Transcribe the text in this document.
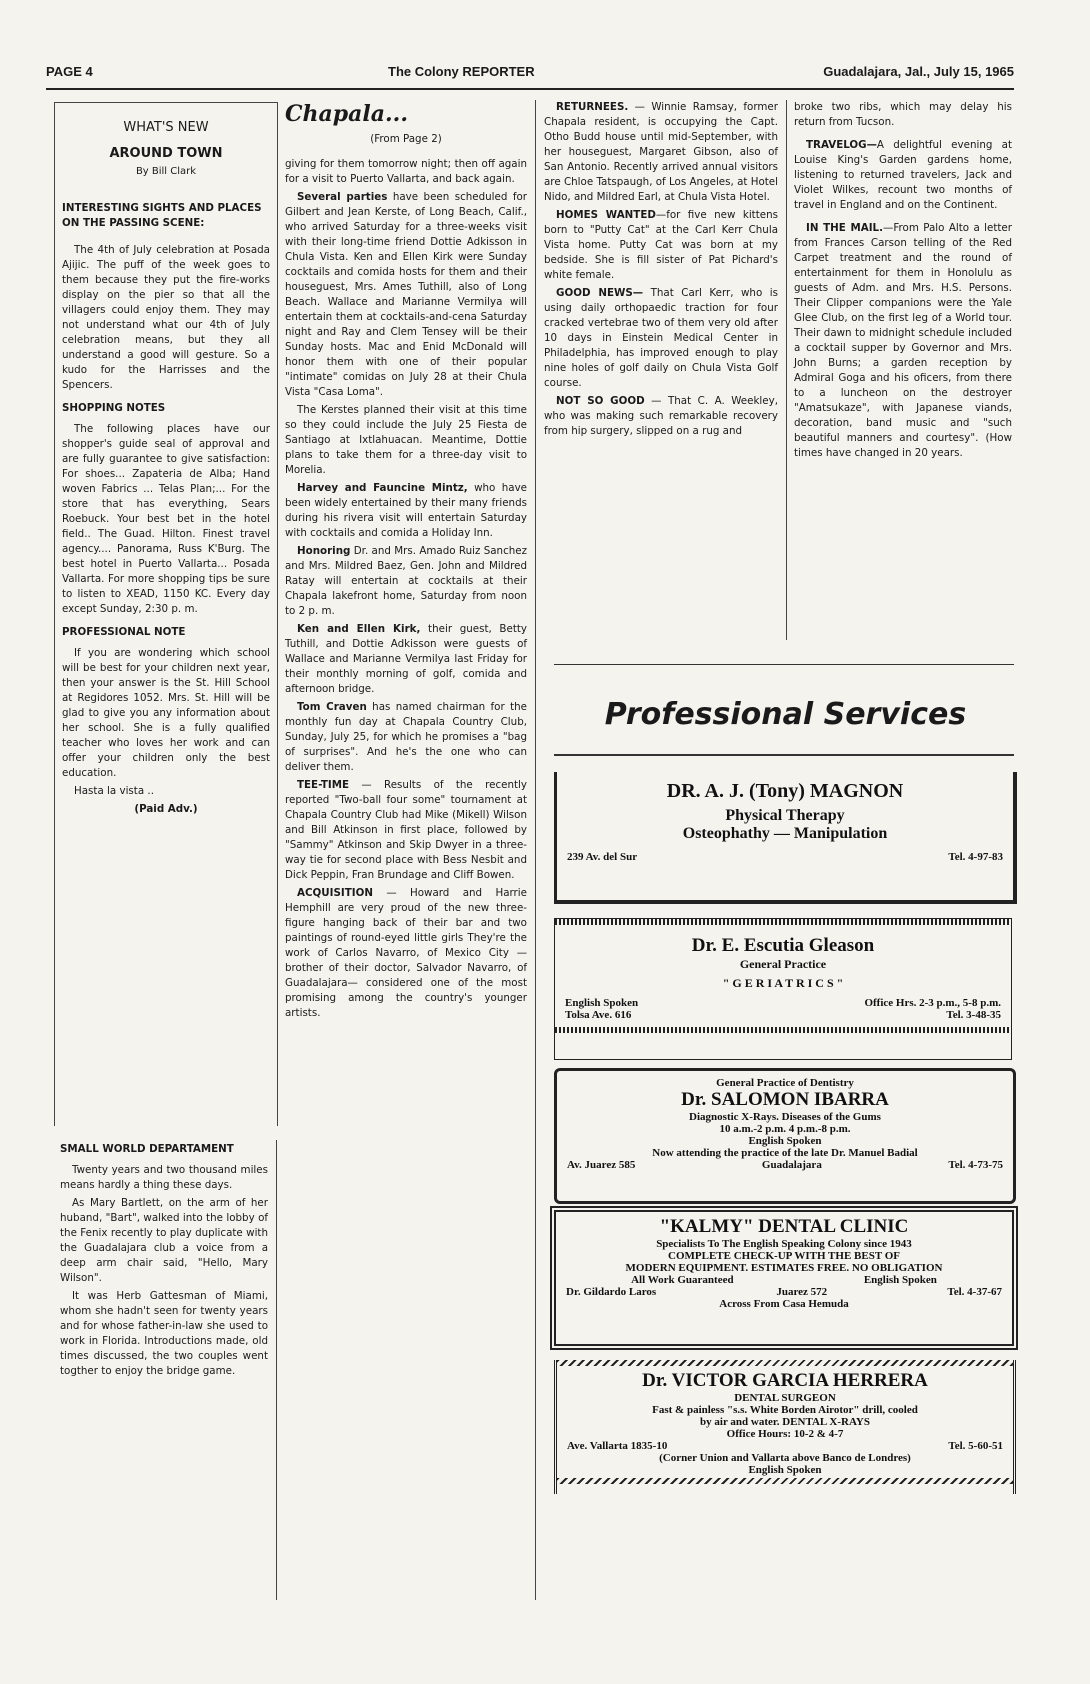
PAGE 4	The Colony REPORTER	Guadalajara, Jal., July 15, 1965
WHAT'S NEW
AROUND TOWN
By Bill Clark
INTERESTING SIGHTS AND PLACES ON THE PASSING SCENE:

The 4th of July celebration at Posada Ajijic. The puff of the week goes to them because they put the fire-works display on the pier so that all the villagers could enjoy them. They may not understand what our 4th of July celebration means, but they all understand a good will gesture. So a kudo for the Harrisses and the Spencers.

SHOPPING NOTES

The following places have our shopper's guide seal of approval and are fully guarantee to give satisfaction: For shoes... Zapateria de Alba; Hand woven Fabrics ... Telas Plan;... For the store that has everything, Sears Roebuck. Your best bet in the hotel field.. The Guad. Hilton. Finest travel agency.... Panorama, Russ K'Burg. The best hotel in Puerto Vallarta... Posada Vallarta. For more shopping tips be sure to listen to XEAD, 1150 KC. Every day except Sunday, 2:30 p. m.

PROFESSIONAL NOTE

If you are wondering which school will be best for your children next year, then your answer is the St. Hill School at Regidores 1052. Mrs. St. Hill will be glad to give you any information about her school. She is a fully qualified teacher who loves her work and can offer your children only the best education.

Hasta la vista ..

(Paid Adv.)
SMALL WORLD DEPARTAMENT

Twenty years and two thousand miles means hardly a thing these days.

As Mary Bartlett, on the arm of her huband, "Bart", walked into the lobby of the Fenix recently to play duplicate with the Guadalajara club a voice from a deep arm chair said, "Hello, Mary Wilson".

It was Herb Gattesman of Miami, whom she hadn't seen for twenty years and for whose father-in-law she used to work in Florida. Introductions made, old times discussed, the two couples went togther to enjoy the bridge game.

Chapala...
(From Page 2)

giving for them tomorrow night; then off again for a visit to Puerto Vallarta, and back again.

Several parties have been scheduled for Gilbert and Jean Kerste, of Long Beach, Calif., who arrived Saturday for a three-weeks visit with their long-time friend Dottie Adkisson in Chula Vista. Ken and Ellen Kirk were Sunday cocktails and comida hosts for them and their houseguest, Mrs. Ames Tuthill, also of Long Beach. Wallace and Marianne Vermilya will entertain them at cocktails-and-cena Saturday night and Ray and Clem Tensey will be their Sunday hosts. Mac and Enid McDonald will honor them with one of their popular "intimate" comidas on July 28 at their Chula Vista "Casa Loma".

The Kerstes planned their visit at this time so they could include the July 25 Fiesta de Santiago at Ixtlahuacan. Meantime, Dottie plans to take them for a three-day visit to Morelia.

Harvey and Fauncine Mintz, who have been widely entertained by their many friends during his rivera visit will entertain Saturday with cocktails and comida a Holiday Inn.

Honoring Dr. and Mrs. Amado Ruiz Sanchez and Mrs. Mildred Baez, Gen. John and Mildred Ratay will entertain at cocktails at their Chapala lakefront home, Saturday from noon to 2 p. m.

Ken and Ellen Kirk, their guest, Betty Tuthill, and Dottie Adkisson were guests of Wallace and Marianne Vermilya last Friday for their monthly morning of golf, comida and afternoon bridge.

Tom Craven has named chairman for the monthly fun day at Chapala Country Club, Sunday, July 25, for which he promises a "bag of surprises". And he's the one who can deliver them.

TEE-TIME — Results of the recently reported "Two-ball four some" tournament at Chapala Country Club had Mike (Mikell) Wilson and Bill Atkinson in first place, followed by "Sammy" Atkinson and Skip Dwyer in a three-way tie for second place with Bess Nesbit and Dick Peppin, Fran Brundage and Cliff Bowen.

ACQUISITION — Howard and Harrie Hemphill are very proud of the new three-figure hanging back of their bar and two paintings of round-eyed little girls They're the work of Carlos Navarro, of Mexico City —brother of their doctor, Salvador Navarro, of Guadalajara— considered one of the most promising among the country's younger artists.

RETURNEES. — Winnie Ramsay, former Chapala resident, is occupying the Capt. Otho Budd house until mid-September, with her houseguest, Margaret Gibson, also of San Antonio. Recently arrived annual visitors are Chloe Tatspaugh, of Los Angeles, at Hotel Nido, and Mildred Earl, at Chula Vista Hotel.

HOMES WANTED—for five new kittens born to "Putty Cat" at the Carl Kerr Chula Vista home. Putty Cat was born at my bedside. She is fill sister of Pat Pichard's white female.

GOOD NEWS— That Carl Kerr, who is using daily orthopaedic traction for four cracked vertebrae two of them very old after 10 days in Einstein Medical Center in Philadelphia, has improved enough to play nine holes of golf daily on Chula Vista Golf course.

NOT SO GOOD — That C. A. Weekley, who was making such remarkable recovery from hip surgery, slipped on a rug and

broke two ribs, which may delay his return from Tucson.

TRAVELOG—A delightful evening at Louise King's Garden gardens home, listening to returned travelers, Jack and Violet Wilkes, recount two months of travel in England and on the Continent.

IN THE MAIL.—From Palo Alto a letter from Frances Carson telling of the Red Carpet treatment and the round of entertainment for them in Honolulu as guests of Adm. and Mrs. H.S. Persons. Their Clipper companions were the Yale Glee Club, on the first leg of a World tour. Their dawn to midnight schedule included a cocktail supper by Governor and Mrs. John Burns; a garden reception by Admiral Goga and his oficers, from there to a luncheon on the destroyer "Amatsukaze", with Japanese viands, decoration, band music and "such beautiful manners and courtesy". (How times have changed in 20 years.

Professional Services
DR. A. J. (Tony) MAGNON
Physical Therapy
Osteophathy — Manipulation
239 Av. del Sur	Tel. 4-97-83
Dr. E. Escutia Gleason
General Practice
" G E R I A T R I C S "
English Spoken	Office Hrs. 2-3 p.m., 5-8 p.m.
Tolsa Ave. 616	Tel. 3-48-35
General Practice of Dentistry
Dr. SALOMON IBARRA
Diagnostic X-Rays. Diseases of the Gums
10 a.m.-2 p.m. 4 p.m.-8 p.m.
English Spoken
Now attending the practice of the late Dr. Manuel Badial
Av. Juarez 585	Guadalajara	Tel. 4-73-75
"KALMY" DENTAL CLINIC
Specialists To The English Speaking Colony since 1943
COMPLETE CHECK-UP WITH THE BEST OF
MODERN EQUIPMENT. ESTIMATES FREE. NO OBLIGATION
All Work Guaranteed	English Spoken
Dr. Gildardo Laros	Juarez 572	Tel. 4-37-67
Across From Casa Hemuda
Dr. VICTOR GARCIA HERRERA
DENTAL SURGEON
Fast & painless "s.s. White Borden Airotor" drill, cooled
by air and water. DENTAL X-RAYS
Office Hours: 10-2 & 4-7
Ave. Vallarta 1835-10	Tel. 5-60-51
(Corner Union and Vallarta above Banco de Londres)
English Spoken
